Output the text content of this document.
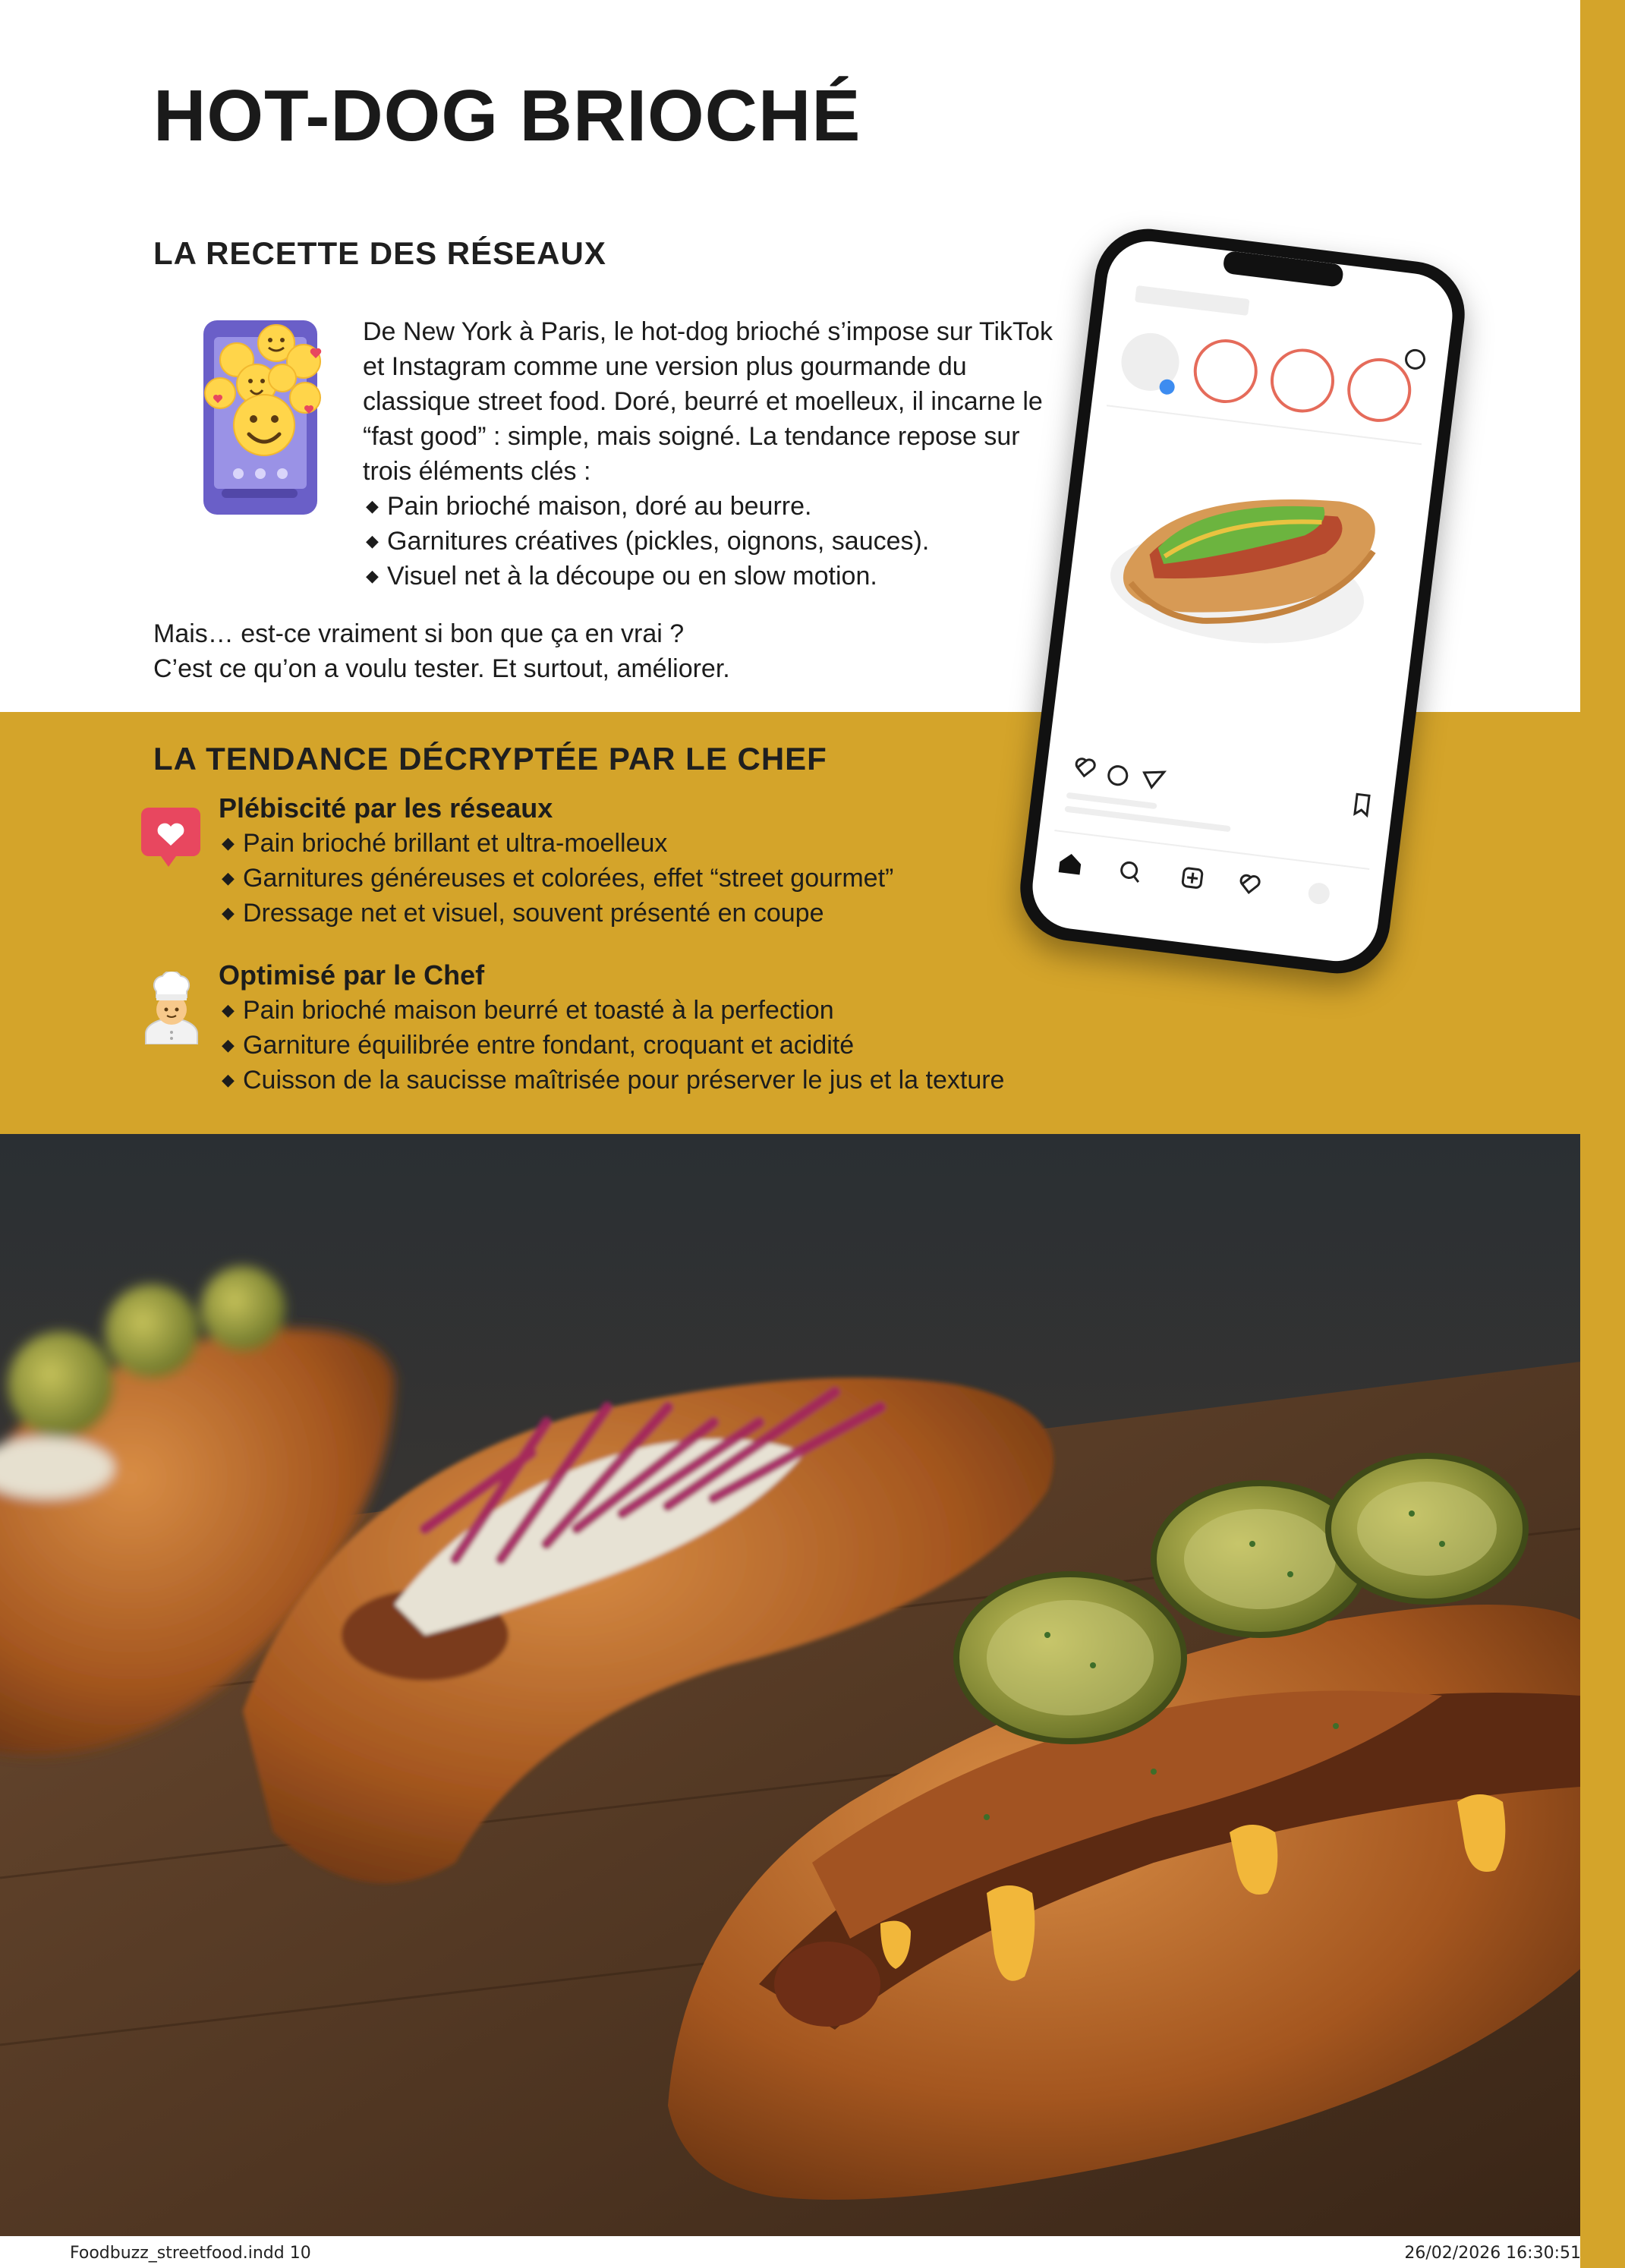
HOT-DOG BRIOCHÉ
LA RECETTE DES RÉSEAUX

De New York à Paris, le hot-dog brioché s’impose sur TikTok et Instagram comme une version plus gourmande du classique street food. Doré, beurré et moelleux, il incarne le “fast good” : simple, mais soigné. La tendance repose sur trois éléments clés :

◆ Pain brioché maison, doré au beurre.
◆ Garnitures créatives (pickles, oignons, sauces).
◆ Visuel net à la découpe ou en slow motion.

Mais… est-ce vraiment si bon que ça en vrai ?

C’est ce qu’on a voulu tester. Et surtout, améliorer.

LA TENDANCE DÉCRYPTÉE PAR LE CHEF

Plébiscité par les réseaux

◆ Pain brioché brillant et ultra-moelleux
◆ Garnitures généreuses et colorées, effet “street gourmet”
◆ Dressage net et visuel, souvent présenté en coupe

Optimisé par le Chef

◆ Pain brioché maison beurré et toasté à la perfection
◆ Garniture équilibrée entre fondant, croquant et acidité
◆ Cuisson de la saucisse maîtrisée pour préserver le jus et la texture
Foodbuzz_streetfood.indd 10	26/02/2026 16:30:51
